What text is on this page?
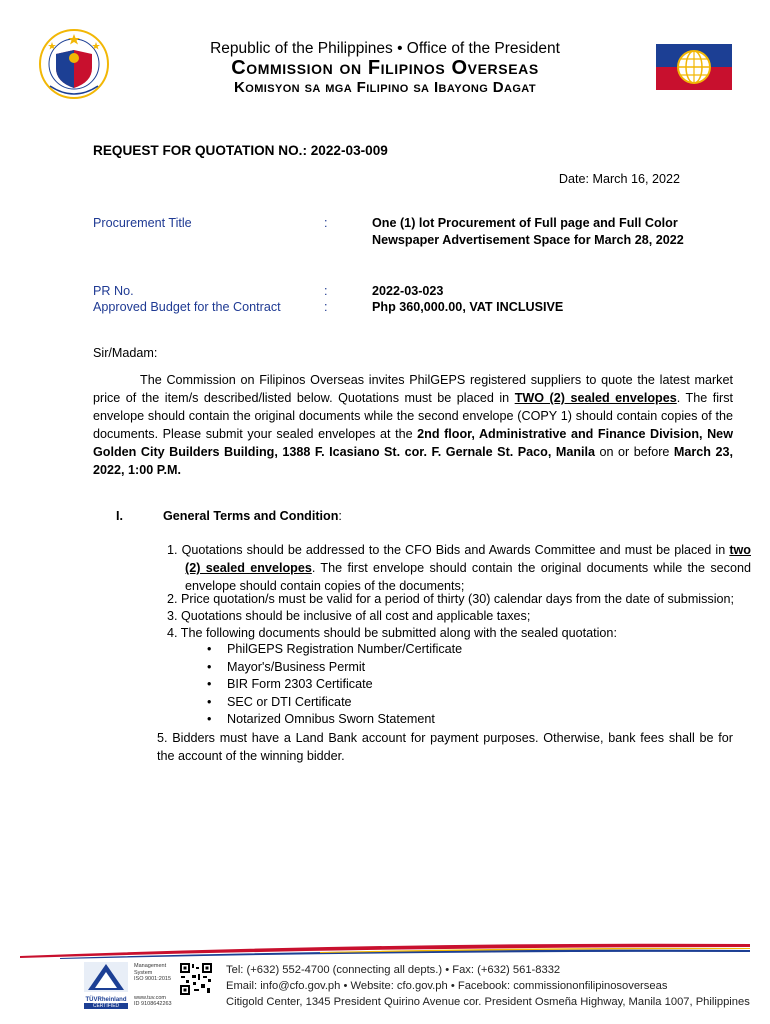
Republic of the Philippines • Office of the President
Commission on Filipinos Overseas
Komisyon sa mga Filipino sa Ibayong Dagat
REQUEST FOR QUOTATION NO.: 2022-03-009
Date: March 16, 2022
Procurement Title	:	One (1) lot Procurement of Full page and Full Color
Newspaper Advertisement Space for March 28, 2022
PR No.	:	2022-03-023
Approved Budget for the Contract	:	Php 360,000.00, VAT INCLUSIVE
Sir/Madam:
The Commission on Filipinos Overseas invites PhilGEPS registered suppliers to quote the latest market price of the item/s described/listed below. Quotations must be placed in TWO (2) sealed envelopes. The first envelope should contain the original documents while the second envelope (COPY 1) should contain copies of the documents. Please submit your sealed envelopes at the 2nd floor, Administrative and Finance Division, New Golden City Builders Building, 1388 F. Icasiano St. cor. F. Gernale St. Paco, Manila on or before March 23, 2022, 1:00 P.M.
I.	General Terms and Condition:
1. Quotations should be addressed to the CFO Bids and Awards Committee and must be placed in two (2) sealed envelopes. The first envelope should contain the original documents while the second envelope should contain copies of the documents;
2. Price quotation/s must be valid for a period of thirty (30) calendar days from the date of submission;
3. Quotations should be inclusive of all cost and applicable taxes;
4. The following documents should be submitted along with the sealed quotation:
• PhilGEPS Registration Number/Certificate
• Mayor's/Business Permit
• BIR Form 2303 Certificate
• SEC or DTI Certificate
• Notarized Omnibus Sworn Statement
5. Bidders must have a Land Bank account for payment purposes. Otherwise, bank fees shall be for the account of the winning bidder.
TÜVRheinland
CERTIFIED
Management
System
ISO 9001:2015
www.tuv.com
ID 9108642263
Tel: (+632) 552-4700 (connecting all depts.) • Fax: (+632) 561-8332
Email: info@cfo.gov.ph • Website: cfo.gov.ph • Facebook: commissiononfilipinosoverseas
Citigold Center, 1345 President Quirino Avenue cor. President Osmeña Highway, Manila 1007, Philippines
